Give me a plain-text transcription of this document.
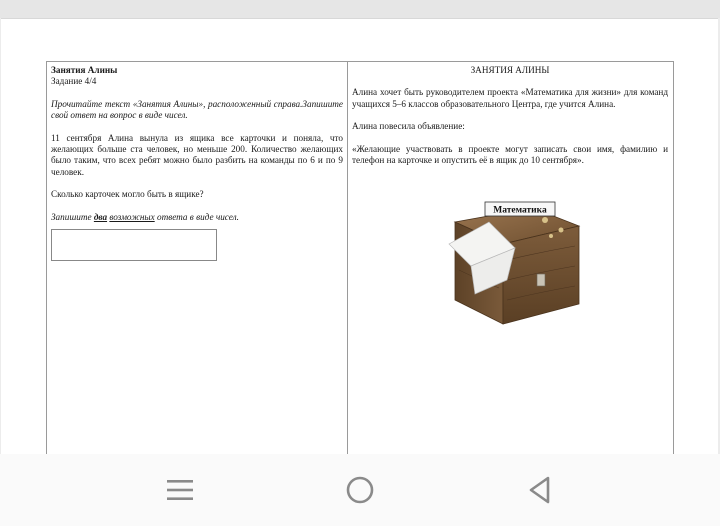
Занятия Алины

Задание 4/4

Прочитайте текст «Занятия Алины», расположенный справа.Запишите свой ответ на вопрос в виде чисел.

11 сентября Алина вынула из ящика все карточки и поняла, что желающих больше ста человек, но меньше 200. Количество желающих было таким, что всех ребят можно было разбить на команды по 6 и по 9 человек.

Сколько карточек могло быть в ящике?

Запишите два возможных ответа в виде чисел.

ЗАНЯТИЯ АЛИНЫ

Алина хочет быть руководителем проекта «Математика для жизни» для команд учащихся 5–6 классов образовательного Центра, где учится Алина.

Алина повесила объявление:

«Желающие участвовать в проекте могут записать свои имя, фамилию и телефон на карточке и опустить её в ящик до 10 сентября».

Математика
